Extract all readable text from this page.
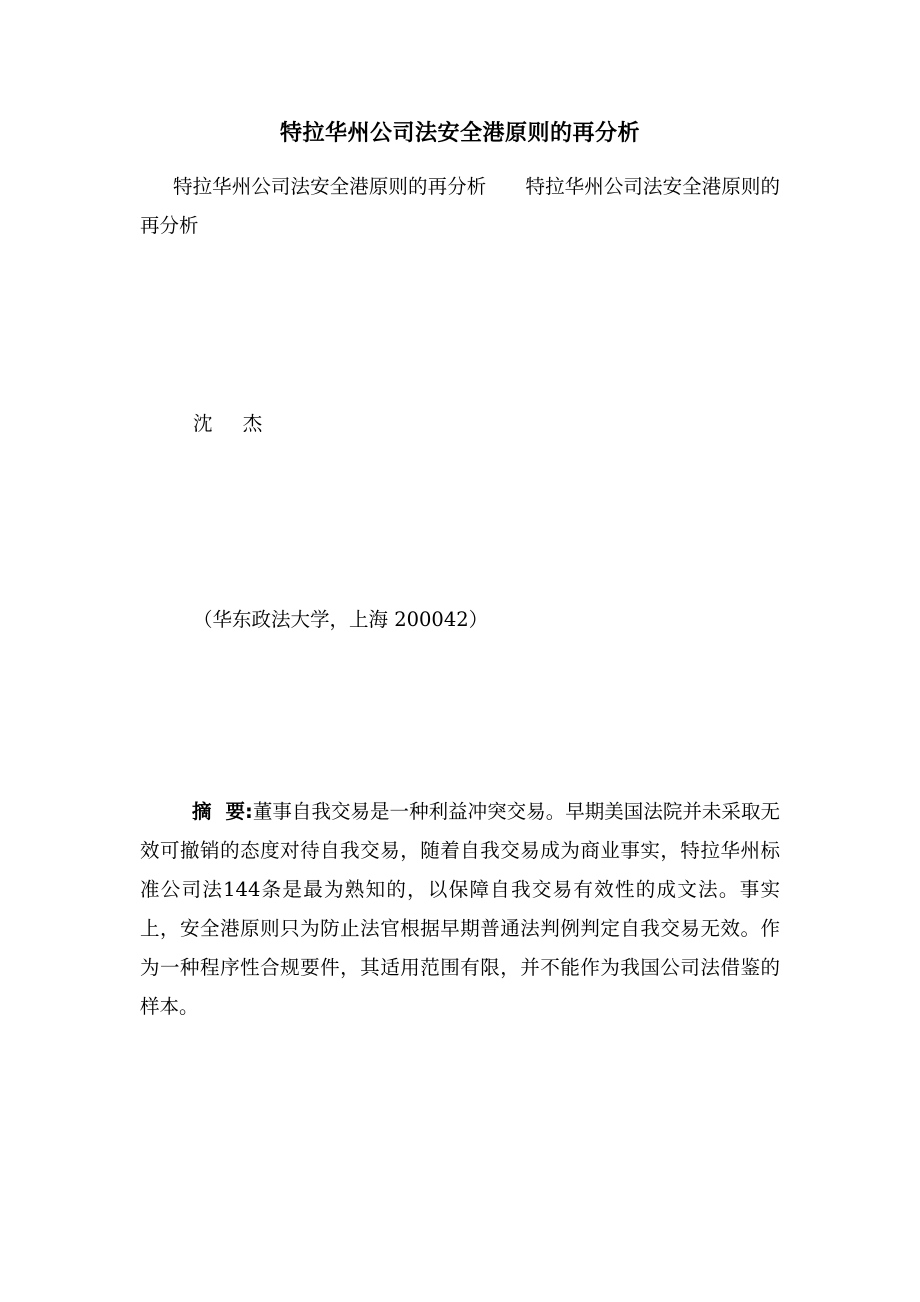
特拉华州公司法安全港原则的再分析

特拉华州公司法安全港原则的再分析　　特拉华州公司法安全港原则的再分析

沈 杰
（华东政法大学，上海 200042）

摘要:董事自我交易是一种利益冲突交易。早期美国法院并未采取无效可撤销的态度对待自我交易，随着自我交易成为商业事实，特拉华州标准公司法144条是最为熟知的，以保障自我交易有效性的成文法。事实上，安全港原则只为防止法官根据早期普通法判例判定自我交易无效。作为一种程序性合规要件，其适用范围有限，并不能作为我国公司法借鉴的样本。
